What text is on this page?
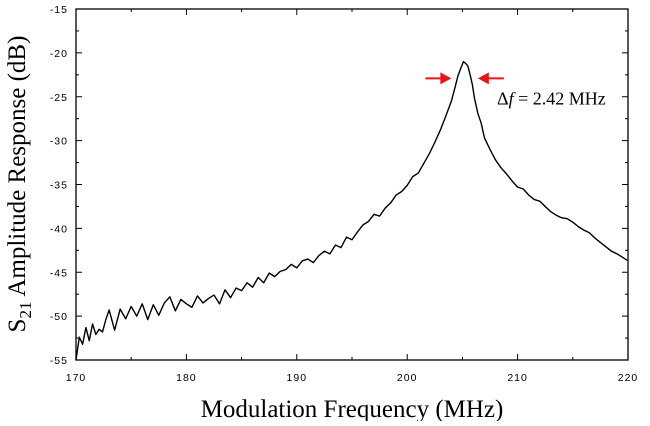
170	180	190	200	210	220
-55
-50
-45
-40
-35
-30
-25
-20
-15
Δf = 2.42 MHz
Modulation Frequency (MHz)
$S_{21}$ Amplitude Response (dB)
